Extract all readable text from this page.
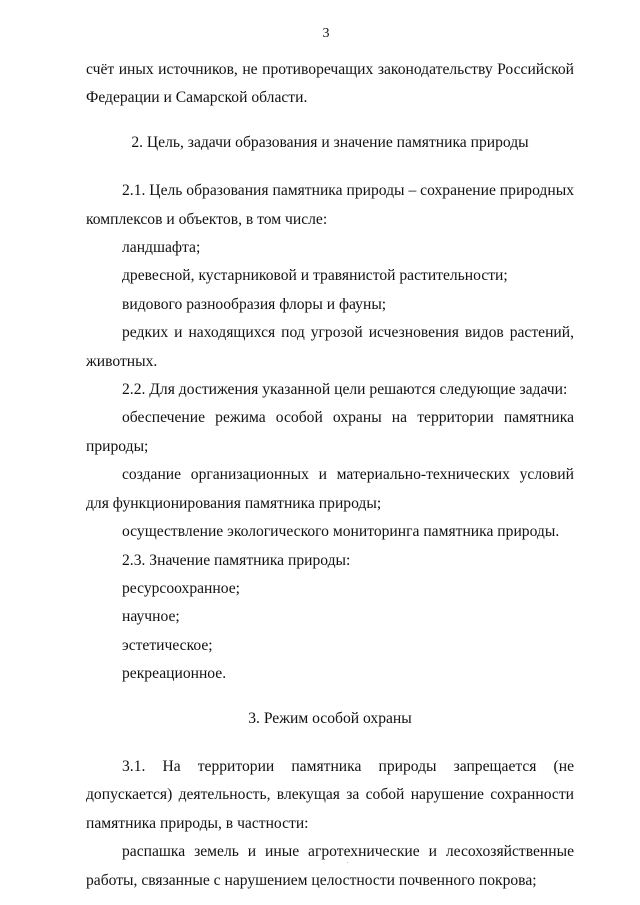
3

счёт иных источников, не противоречащих законодательству Российской Федерации и Самарской области.

2. Цель, задачи образования и значение памятника природы

2.1. Цель образования памятника природы – сохранение природных комплексов и объектов, в том числе:

ландшафта;

древесной, кустарниковой и травянистой растительности;

видового разнообразия флоры и фауны;

редких и находящихся под угрозой исчезновения видов растений, животных.

2.2. Для достижения указанной цели решаются следующие задачи:

обеспечение режима особой охраны на территории памятника природы;

создание организационных и материально-технических условий для функционирования памятника природы;

осуществление экологического мониторинга памятника природы.

2.3. Значение памятника природы:

ресурсоохранное;

научное;

эстетическое;

рекреационное.

3. Режим особой охраны

3.1. На территории памятника природы запрещается (не допускается) деятельность, влекущая за собой нарушение сохранности памятника природы, в частности:

распашка земель и иные агротехнические и лесохозяйственные работы, связанные с нарушением целостности почвенного покрова;
